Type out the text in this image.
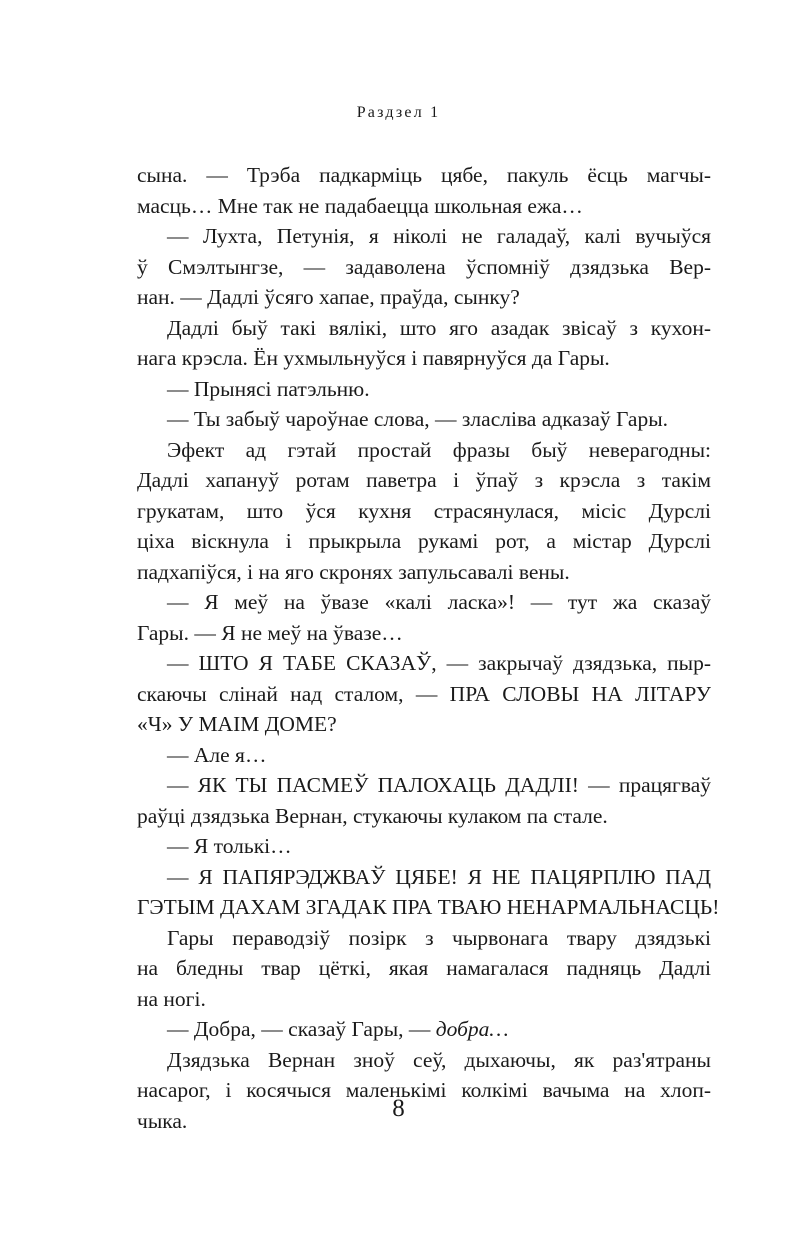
Раздзел 1
сына. — Трэба падкарміць цябе, пакуль ёсць магчы-
масць… Мне так не падабаецца школьная ежа…
— Лухта, Петунія, я ніколі не галадаў, калі вучыўся
ў Смэлтынгзе, — задаволена ўспомніў дзядзька Вер-
нан. — Дадлі ўсяго хапае, праўда, сынку?
Дадлі быў такі вялікі, што яго азадак звісаў з кухон-
нага крэсла. Ён ухмыльнуўся і павярнуўся да Гары.
— Прынясі патэльню.
— Ты забыў чароўнае слова, — зласліва адказаў Гары.
Эфект ад гэтай простай фразы быў неверагодны:
Дадлі хапануў ротам паветра і ўпаў з крэсла з такім
грукатам, што ўся кухня страсянулася, місіс Дурслі
ціха віскнула і прыкрыла рукамі рот, а містар Дурслі
падхапіўся, і на яго скронях запульсавалі вены.
— Я меў на ўвазе «калі ласка»! — тут жа сказаў
Гары. — Я не меў на ўвазе…
— ШТО Я ТАБЕ СКАЗАЎ, — закрычаў дзядзька, пыр-
скаючы слінай над сталом, — ПРА СЛОВЫ НА ЛІТАРУ
«Ч» У МАІМ ДОМЕ?
— Але я…
— ЯК ТЫ ПАСМЕЎ ПАЛОХАЦЬ ДАДЛІ! — працягваў
раўці дзядзька Вернан, стукаючы кулаком па стале.
— Я толькі…
— Я ПАПЯРЭДЖВАЎ ЦЯБЕ! Я НЕ ПАЦЯРПЛЮ ПАД
ГЭТЫМ ДАХАМ ЗГАДАК ПРА ТВАЮ НЕНАРМАЛЬНАСЦЬ!
Гары пераводзіў позірк з чырвонага твару дзядзькі
на бледны твар цёткі, якая намагалася падняць Дадлі
на ногі.
— Добра, — сказаў Гары, — добра…
Дзядзька Вернан зноў сеў, дыхаючы, як раз'ятраны
насарог, і косячыся маленькімі колкімі вачыма на хлоп-
чыка.	8
